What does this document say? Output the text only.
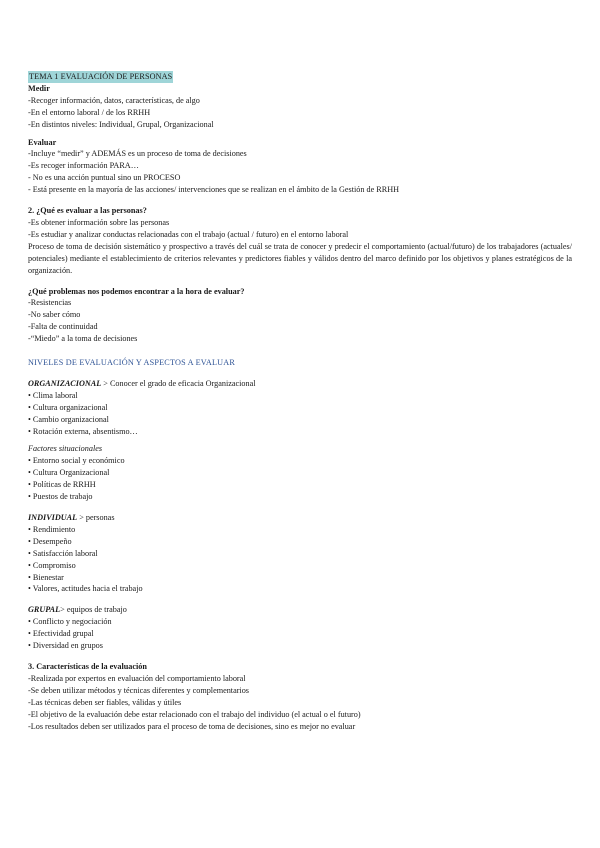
TEMA 1 EVALUACIÓN DE PERSONAS
Medir
-Recoger información, datos, características, de algo
-En el entorno laboral / de los RRHH
-En distintos niveles: Individual, Grupal, Organizacional
Evaluar
-Incluye “medir” y ADEMÁS es un proceso de toma de decisiones
-Es recoger información PARA…
- No es una acción puntual sino un PROCESO
- Está presente en la mayoría de las acciones/ intervenciones que se realizan en el ámbito de la Gestión de RRHH
2. ¿Qué es evaluar a las personas?
-Es obtener información sobre las personas
-Es estudiar y analizar conductas relacionadas con el trabajo (actual / futuro) en el entorno laboral
Proceso de toma de decisión sistemático y prospectivo a través del cuál se trata de conocer y predecir el comportamiento (actual/futuro) de los trabajadores (actuales/ potenciales) mediante el establecimiento de criterios relevantes y predictores fiables y válidos dentro del marco definido por los objetivos y planes estratégicos de la organización.
¿Qué problemas nos podemos encontrar a la hora de evaluar?
-Resistencias
-No saber cómo
-Falta de continuidad
-“Miedo” a la toma de decisiones
NIVELES DE EVALUACIÓN Y ASPECTOS A EVALUAR
ORGANIZACIONAL > Conocer el grado de eficacia Organizacional
• Clima laboral
• Cultura organizacional
• Cambio organizacional
• Rotación externa, absentismo…
Factores situacionales
• Entorno social y económico
• Cultura Organizacional
• Políticas de RRHH
• Puestos de trabajo
INDIVIDUAL > personas
• Rendimiento
• Desempeño
• Satisfacción laboral
• Compromiso
• Bienestar
• Valores, actitudes hacia el trabajo
GRUPAL> equipos de trabajo
• Conflicto y negociación
• Efectividad grupal
• Diversidad en grupos
3. Características de la evaluación
-Realizada por expertos en evaluación del comportamiento laboral
-Se deben utilizar métodos y técnicas diferentes y complementarios
-Las técnicas deben ser fiables, válidas y útiles
-El objetivo de la evaluación debe estar relacionado con el trabajo del individuo (el actual o el futuro)
-Los resultados deben ser utilizados para el proceso de toma de decisiones, sino es mejor no evaluar
